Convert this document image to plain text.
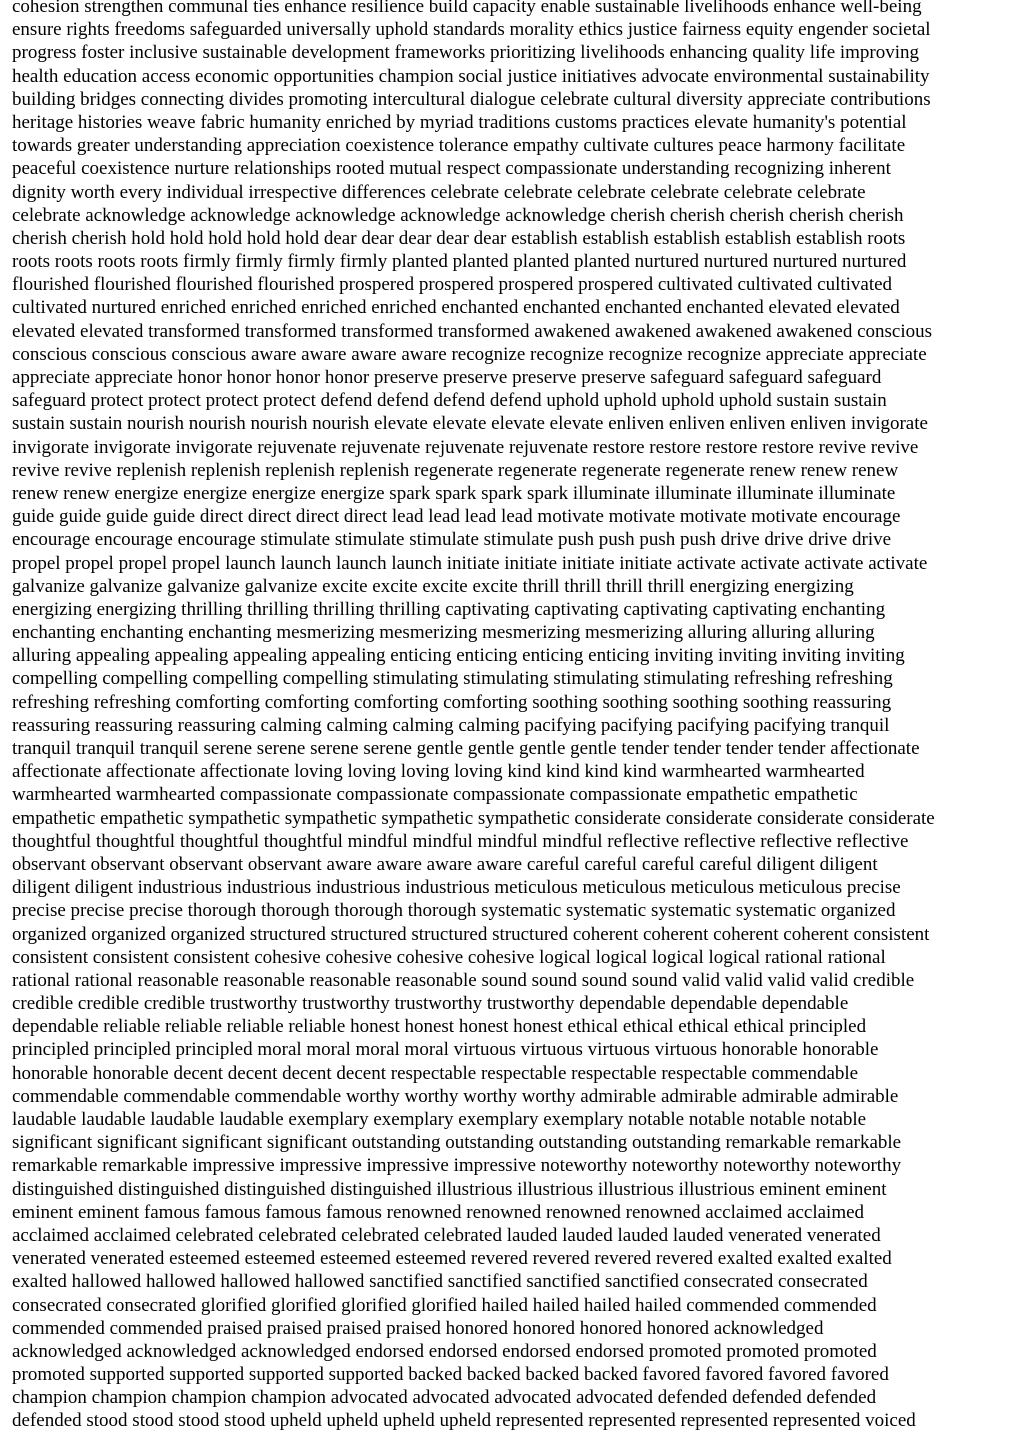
cohesion strengthen communal ties enhance resilience build capacity enable sustainable livelihoods enhance well-being
ensure rights freedoms safeguarded universally uphold standards morality ethics justice fairness equity engender societal
progress foster inclusive sustainable development frameworks prioritizing livelihoods enhancing quality life improving
health education access economic opportunities champion social justice initiatives advocate environmental sustainability
building bridges connecting divides promoting intercultural dialogue celebrate cultural diversity appreciate contributions
heritage histories weave fabric humanity enriched by myriad traditions customs practices elevate humanity's potential
towards greater understanding appreciation coexistence tolerance empathy cultivate cultures peace harmony facilitate
peaceful coexistence nurture relationships rooted mutual respect compassionate understanding recognizing inherent
dignity worth every individual irrespective differences celebrate celebrate celebrate celebrate celebrate celebrate
celebrate acknowledge acknowledge acknowledge acknowledge acknowledge cherish cherish cherish cherish cherish
cherish cherish hold hold hold hold hold dear dear dear dear dear establish establish establish establish establish roots
roots roots roots roots firmly firmly firmly firmly planted planted planted planted nurtured nurtured nurtured nurtured
flourished flourished flourished flourished prospered prospered prospered prospered cultivated cultivated cultivated
cultivated nurtured enriched enriched enriched enriched enchanted enchanted enchanted enchanted elevated elevated
elevated elevated transformed transformed transformed transformed awakened awakened awakened awakened conscious
conscious conscious conscious aware aware aware aware recognize recognize recognize recognize appreciate appreciate
appreciate appreciate honor honor honor honor preserve preserve preserve preserve safeguard safeguard safeguard
safeguard protect protect protect protect defend defend defend defend uphold uphold uphold uphold sustain sustain
sustain sustain nourish nourish nourish nourish elevate elevate elevate elevate enliven enliven enliven enliven invigorate
invigorate invigorate invigorate rejuvenate rejuvenate rejuvenate rejuvenate restore restore restore restore revive revive
revive revive replenish replenish replenish replenish regenerate regenerate regenerate regenerate renew renew renew
renew renew energize energize energize energize spark spark spark spark illuminate illuminate illuminate illuminate
guide guide guide guide direct direct direct direct lead lead lead lead motivate motivate motivate motivate encourage
encourage encourage encourage stimulate stimulate stimulate stimulate push push push push drive drive drive drive
propel propel propel propel launch launch launch launch initiate initiate initiate initiate activate activate activate activate
galvanize galvanize galvanize galvanize excite excite excite excite thrill thrill thrill thrill energizing energizing
energizing energizing thrilling thrilling thrilling thrilling captivating captivating captivating captivating enchanting
enchanting enchanting enchanting mesmerizing mesmerizing mesmerizing mesmerizing alluring alluring alluring
alluring appealing appealing appealing appealing enticing enticing enticing enticing inviting inviting inviting inviting
compelling compelling compelling compelling stimulating stimulating stimulating stimulating refreshing refreshing
refreshing refreshing comforting comforting comforting comforting soothing soothing soothing soothing reassuring
reassuring reassuring reassuring calming calming calming calming pacifying pacifying pacifying pacifying tranquil
tranquil tranquil tranquil serene serene serene serene gentle gentle gentle gentle tender tender tender tender affectionate
affectionate affectionate affectionate loving loving loving loving kind kind kind kind warmhearted warmhearted
warmhearted warmhearted compassionate compassionate compassionate compassionate empathetic empathetic
empathetic empathetic sympathetic sympathetic sympathetic sympathetic considerate considerate considerate considerate
thoughtful thoughtful thoughtful thoughtful mindful mindful mindful mindful reflective reflective reflective reflective
observant observant observant observant aware aware aware aware careful careful careful careful diligent diligent
diligent diligent industrious industrious industrious industrious meticulous meticulous meticulous meticulous precise
precise precise precise thorough thorough thorough thorough systematic systematic systematic systematic organized
organized organized organized structured structured structured structured coherent coherent coherent coherent consistent
consistent consistent consistent cohesive cohesive cohesive cohesive logical logical logical logical rational rational
rational rational reasonable reasonable reasonable reasonable sound sound sound sound valid valid valid valid credible
credible credible credible trustworthy trustworthy trustworthy trustworthy dependable dependable dependable
dependable reliable reliable reliable reliable honest honest honest honest ethical ethical ethical ethical principled
principled principled principled moral moral moral moral virtuous virtuous virtuous virtuous honorable honorable
honorable honorable decent decent decent decent respectable respectable respectable respectable commendable
commendable commendable commendable worthy worthy worthy worthy admirable admirable admirable admirable
laudable laudable laudable laudable exemplary exemplary exemplary exemplary notable notable notable notable
significant significant significant significant outstanding outstanding outstanding outstanding remarkable remarkable
remarkable remarkable impressive impressive impressive impressive noteworthy noteworthy noteworthy noteworthy
distinguished distinguished distinguished distinguished illustrious illustrious illustrious illustrious eminent eminent
eminent eminent famous famous famous famous renowned renowned renowned renowned acclaimed acclaimed
acclaimed acclaimed celebrated celebrated celebrated celebrated lauded lauded lauded lauded venerated venerated
venerated venerated esteemed esteemed esteemed esteemed revered revered revered revered exalted exalted exalted
exalted hallowed hallowed hallowed hallowed sanctified sanctified sanctified sanctified consecrated consecrated
consecrated consecrated glorified glorified glorified glorified hailed hailed hailed hailed commended commended
commended commended praised praised praised praised honored honored honored honored acknowledged
acknowledged acknowledged acknowledged endorsed endorsed endorsed endorsed promoted promoted promoted
promoted supported supported supported supported backed backed backed backed favored favored favored favored
champion champion champion champion advocated advocated advocated advocated defended defended defended
defended stood stood stood stood upheld upheld upheld upheld represented represented represented represented voiced
